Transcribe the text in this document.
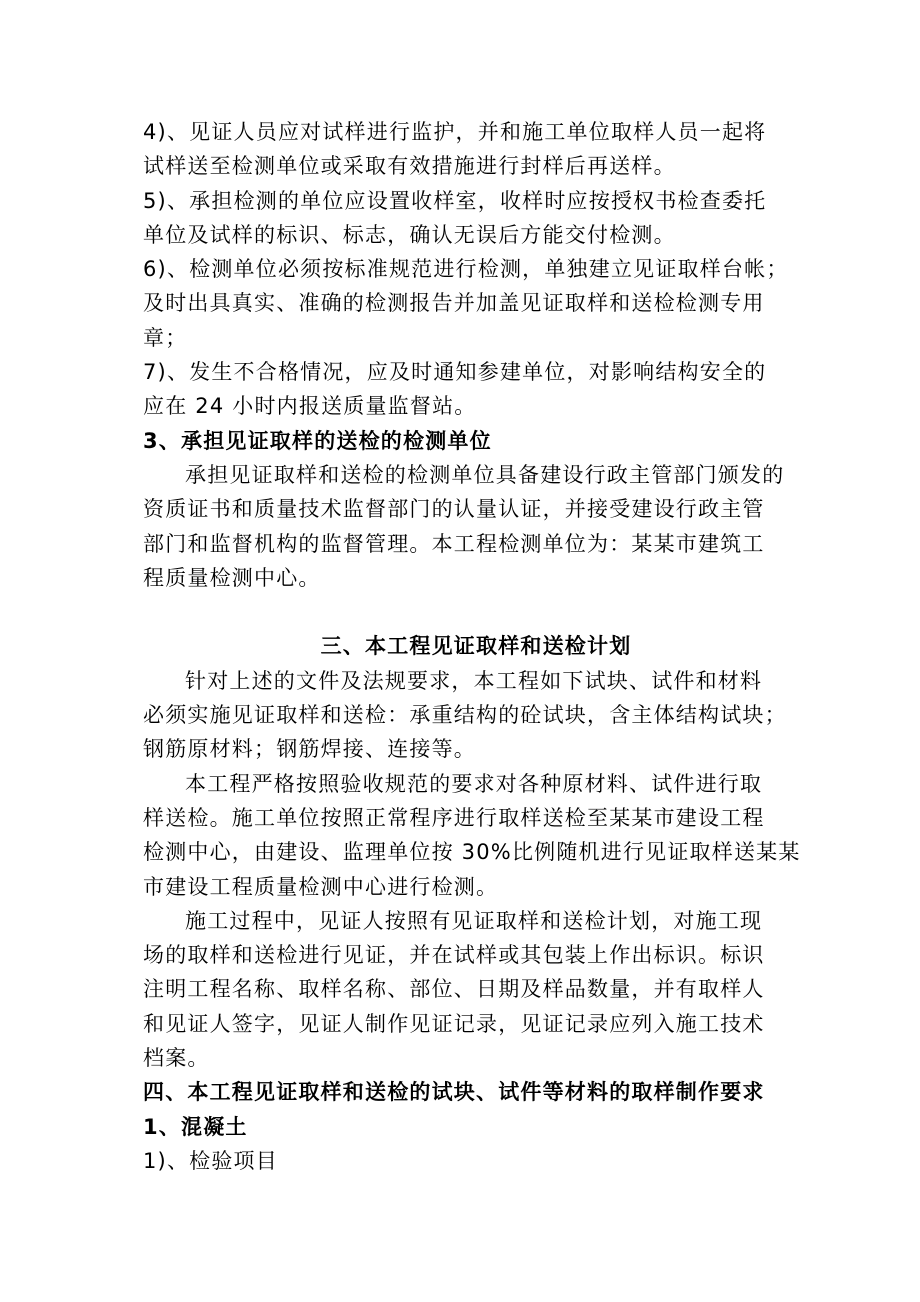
4)、见证人员应对试样进行监护，并和施工单位取样人员一起将
试样送至检测单位或采取有效措施进行封样后再送样。
5)、承担检测的单位应设置收样室，收样时应按授权书检查委托
单位及试样的标识、标志，确认无误后方能交付检测。
6)、检测单位必须按标准规范进行检测，单独建立见证取样台帐；
及时出具真实、准确的检测报告并加盖见证取样和送检检测专用
章；
7)、发生不合格情况，应及时通知参建单位，对影响结构安全的
应在 24 小时内报送质量监督站。
3、承担见证取样的送检的检测单位
承担见证取样和送检的检测单位具备建设行政主管部门颁发的
资质证书和质量技术监督部门的认量认证，并接受建设行政主管
部门和监督机构的监督管理。本工程检测单位为：某某市建筑工
程质量检测中心。
三、本工程见证取样和送检计划
针对上述的文件及法规要求，本工程如下试块、试件和材料
必须实施见证取样和送检：承重结构的砼试块，含主体结构试块；
钢筋原材料；钢筋焊接、连接等。
本工程严格按照验收规范的要求对各种原材料、试件进行取
样送检。施工单位按照正常程序进行取样送检至某某市建设工程
检测中心，由建设、监理单位按 30%比例随机进行见证取样送某某
市建设工程质量检测中心进行检测。
施工过程中，见证人按照有见证取样和送检计划，对施工现
场的取样和送检进行见证，并在试样或其包装上作出标识。标识
注明工程名称、取样名称、部位、日期及样品数量，并有取样人
和见证人签字，见证人制作见证记录，见证记录应列入施工技术
档案。
四、本工程见证取样和送检的试块、试件等材料的取样制作要求
1、混凝土
1)、检验项目
